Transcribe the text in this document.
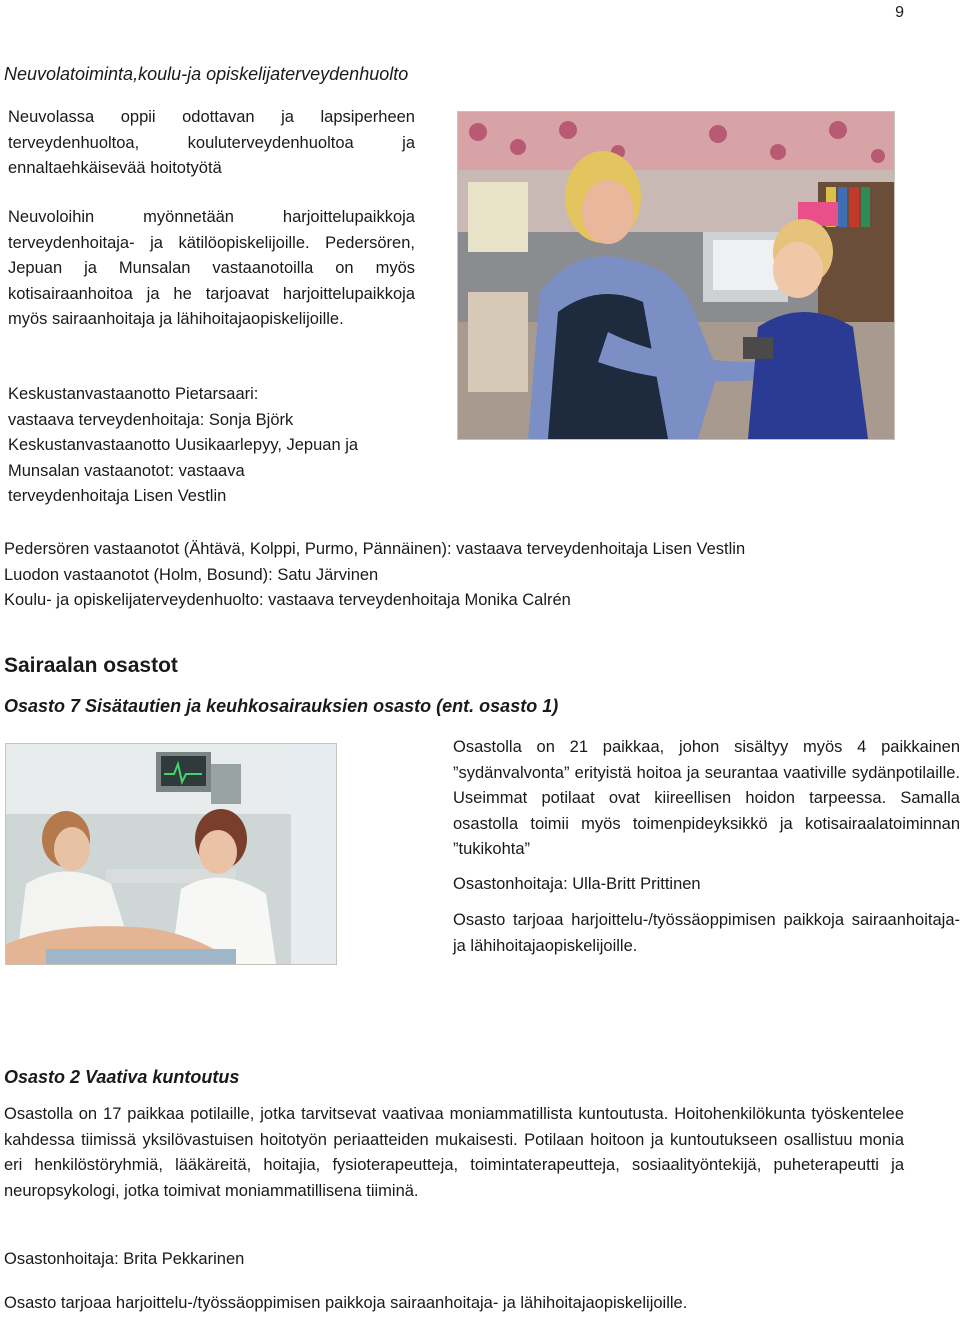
9
Neuvolatoiminta,koulu-ja opiskelijaterveydenhuolto
Neuvolassa oppii odottavan ja lapsiperheen terveydenhuoltoa, kouluterveydenhuoltoa ja ennaltaehkäisevää hoitotyötä
Neuvoloihin myönnetään harjoittelupaikkoja terveydenhoitaja- ja kätilöopiskelijoille. Pedersören, Jepuan ja Munsalan vastaanotoilla on myös kotisairaanhoitoa ja he tarjoavat harjoittelupaikkoja myös sairaanhoitaja ja lähihoitajaopiskelijoille.
Keskustanvastaanotto Pietarsaari:
vastaava terveydenhoitaja: Sonja Björk
Keskustanvastaanotto Uusikaarlepyy, Jepuan ja
Munsalan vastaanotot: vastaava
terveydenhoitaja Lisen Vestlin
Pedersören vastaanotot (Ähtävä, Kolppi, Purmo, Pännäinen): vastaava terveydenhoitaja Lisen Vestlin
Luodon vastaanotot (Holm, Bosund): Satu Järvinen
Koulu- ja opiskelijaterveydenhuolto: vastaava terveydenhoitaja Monika Calrén
Sairaalan osastot
Osasto 7 Sisätautien ja keuhkosairauksien osasto (ent. osasto 1)
Osastolla on 21 paikkaa, johon sisältyy myös 4 paikkainen ”sydänvalvonta” erityistä hoitoa ja seurantaa vaativille sydänpotilaille. Useimmat potilaat ovat kiireellisen hoidon tarpeessa. Samalla osastolla toimii myös toimenpideyksikkö ja kotisairaalatoiminnan ”tukikohta”
Osastonhoitaja: Ulla-Britt Prittinen
Osasto tarjoaa harjoittelu-/työssäoppimisen paikkoja sairaanhoitaja- ja lähihoitajaopiskelijoille.
Osasto 2 Vaativa kuntoutus
Osastolla on 17 paikkaa potilaille, jotka tarvitsevat vaativaa moniammatillista kuntoutusta. Hoitohenkilökunta työskentelee kahdessa tiimissä yksilövastuisen hoitotyön periaatteiden mukaisesti. Potilaan hoitoon ja kuntoutukseen osallistuu monia eri henkilöstöryhmiä, lääkäreitä, hoitajia, fysioterapeutteja, toimintaterapeutteja, sosiaalityöntekijä, puheterapeutti ja neuropsykologi, jotka toimivat moniammatillisena tiiminä.
Osastonhoitaja: Brita Pekkarinen
Osasto tarjoaa harjoittelu-/työssäoppimisen paikkoja sairaanhoitaja- ja lähihoitajaopiskelijoille.
